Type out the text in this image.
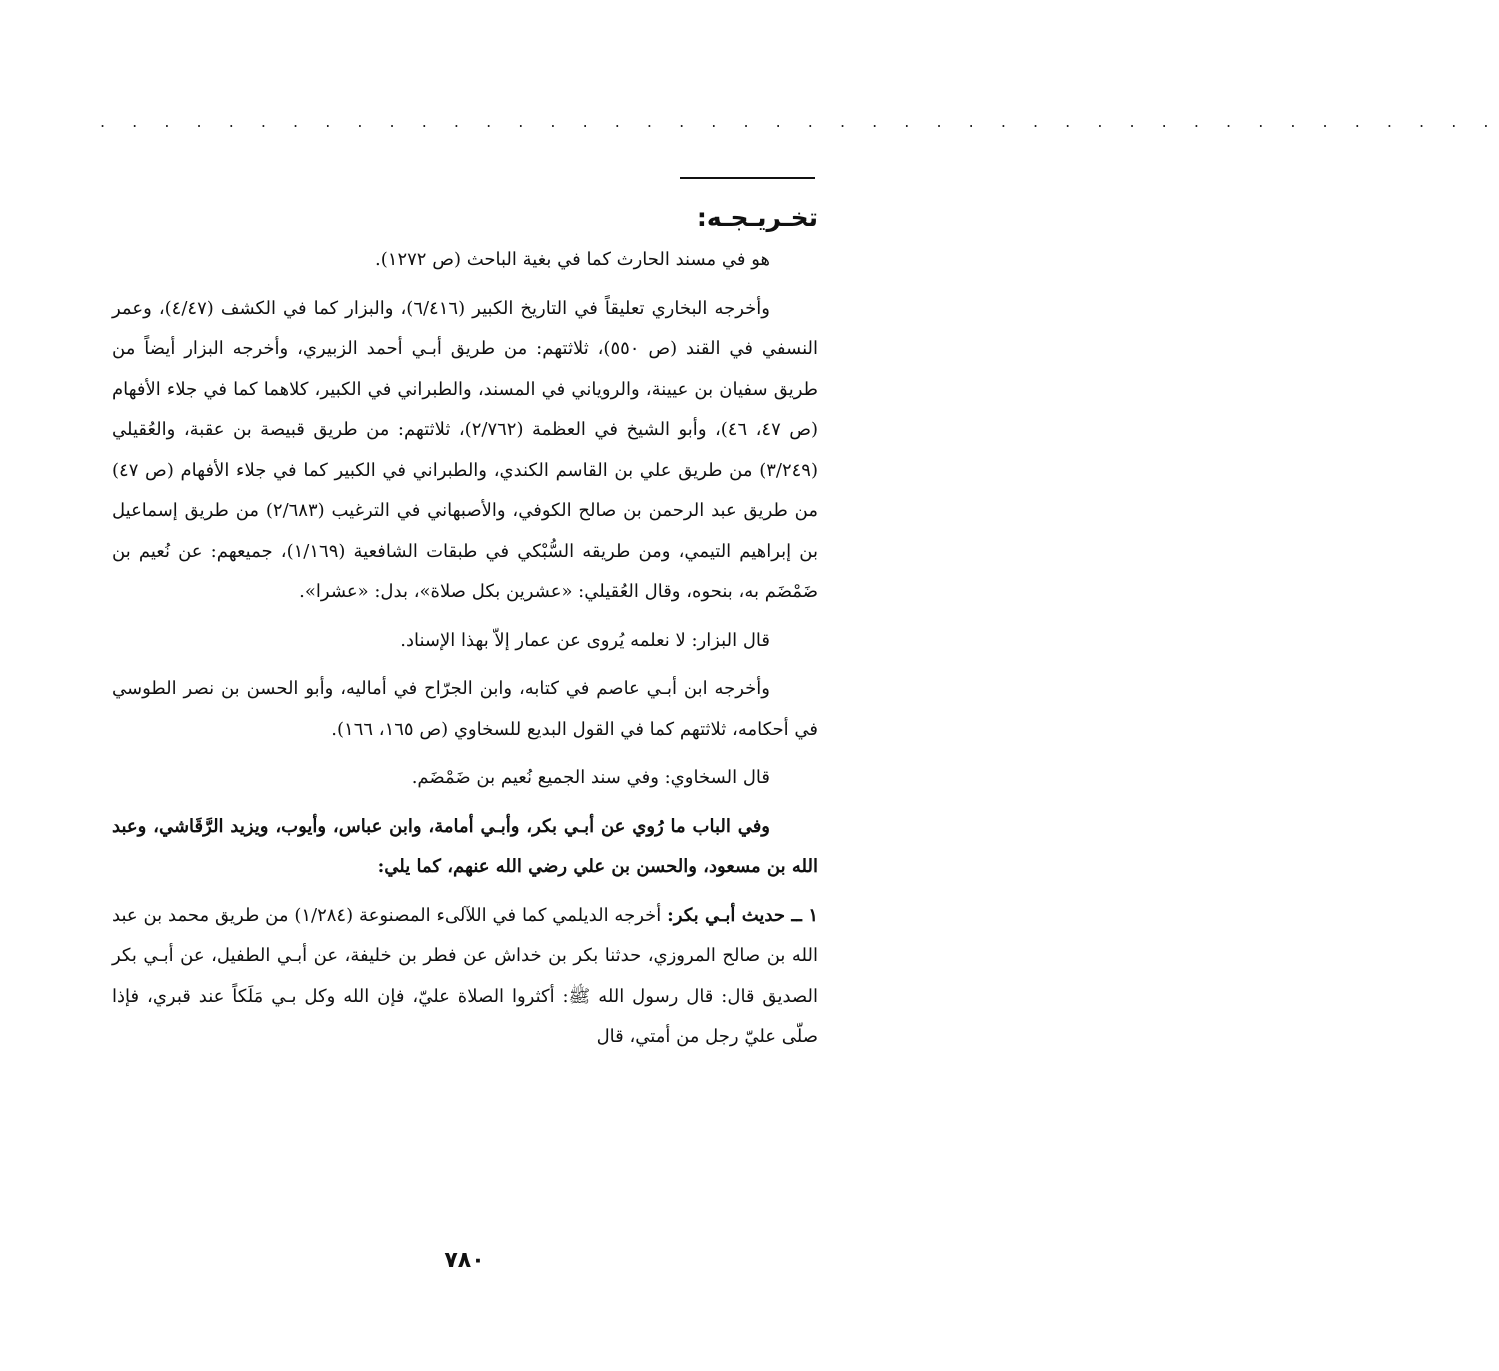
. . . . . . . . . . . . . . . . . . . . . . . . . . . . . . . . . . . . . . . . . . . .
تخـريـجـه:

هو في مسند الحارث كما في بغية الباحث (ص ١٢٧٢).

وأخرجه البخاري تعليقاً في التاريخ الكبير (٦/٤١٦)، والبزار كما في الكشف (٤/٤٧)، وعمر النسفي في القند (ص ٥٥٠)، ثلاثتهم: من طريق أبـي أحمد الزبيري، وأخرجه البزار أيضاً من طريق سفيان بن عيينة، والروياني في المسند، والطبراني في الكبير، كلاهما كما في جلاء الأفهام (ص ٤٧، ٤٦)، وأبو الشيخ في العظمة (٢/٧٦٢)، ثلاثتهم: من طريق قبيصة بن عقبة، والعُقيلي (٣/٢٤٩) من طريق علي بن القاسم الكندي، والطبراني في الكبير كما في جلاء الأفهام (ص ٤٧) من طريق عبد الرحمن بن صالح الكوفي، والأصبهاني في الترغيب (٢/٦٨٣) من طريق إسماعيل بن إبراهيم التيمي، ومن طريقه السُّبْكي في طبقات الشافعية (١/١٦٩)، جميعهم: عن نُعيم بن ضَمْضَم به، بنحوه، وقال العُقيلي: «عشرين بكل صلاة»، بدل: «عشرا».

قال البزار: لا نعلمه يُروى عن عمار إلاّ بهذا الإسناد.

وأخرجه ابن أبـي عاصم في كتابه، وابن الجرّاح في أماليه، وأبو الحسن بن نصر الطوسي في أحكامه، ثلاثتهم كما في القول البديع للسخاوي (ص ١٦٥، ١٦٦).

قال السخاوي: وفي سند الجميع نُعيم بن ضَمْضَم.

وفي الباب ما رُوي عن أبـي بكر، وأبـي أمامة، وابن عباس، وأيوب، ويزيد الرَّقَاشي، وعبد الله بن مسعود، والحسن بن علي رضي الله عنهم، كما يلي:

١ ــ حديث أبـي بكر: أخرجه الديلمي كما في اللآلىء المصنوعة (١/٢٨٤) من طريق محمد بن عبد الله بن صالح المروزي، حدثنا بكر بن خداش عن فطر بن خليفة، عن أبـي الطفيل، عن أبـي بكر الصديق قال: قال رسول الله ﷺ: أكثروا الصلاة عليّ، فإن الله وكل بـي مَلَكاً عند قبري، فإذا صلّى عليّ رجل من أمتي، قال

٧٨٠
